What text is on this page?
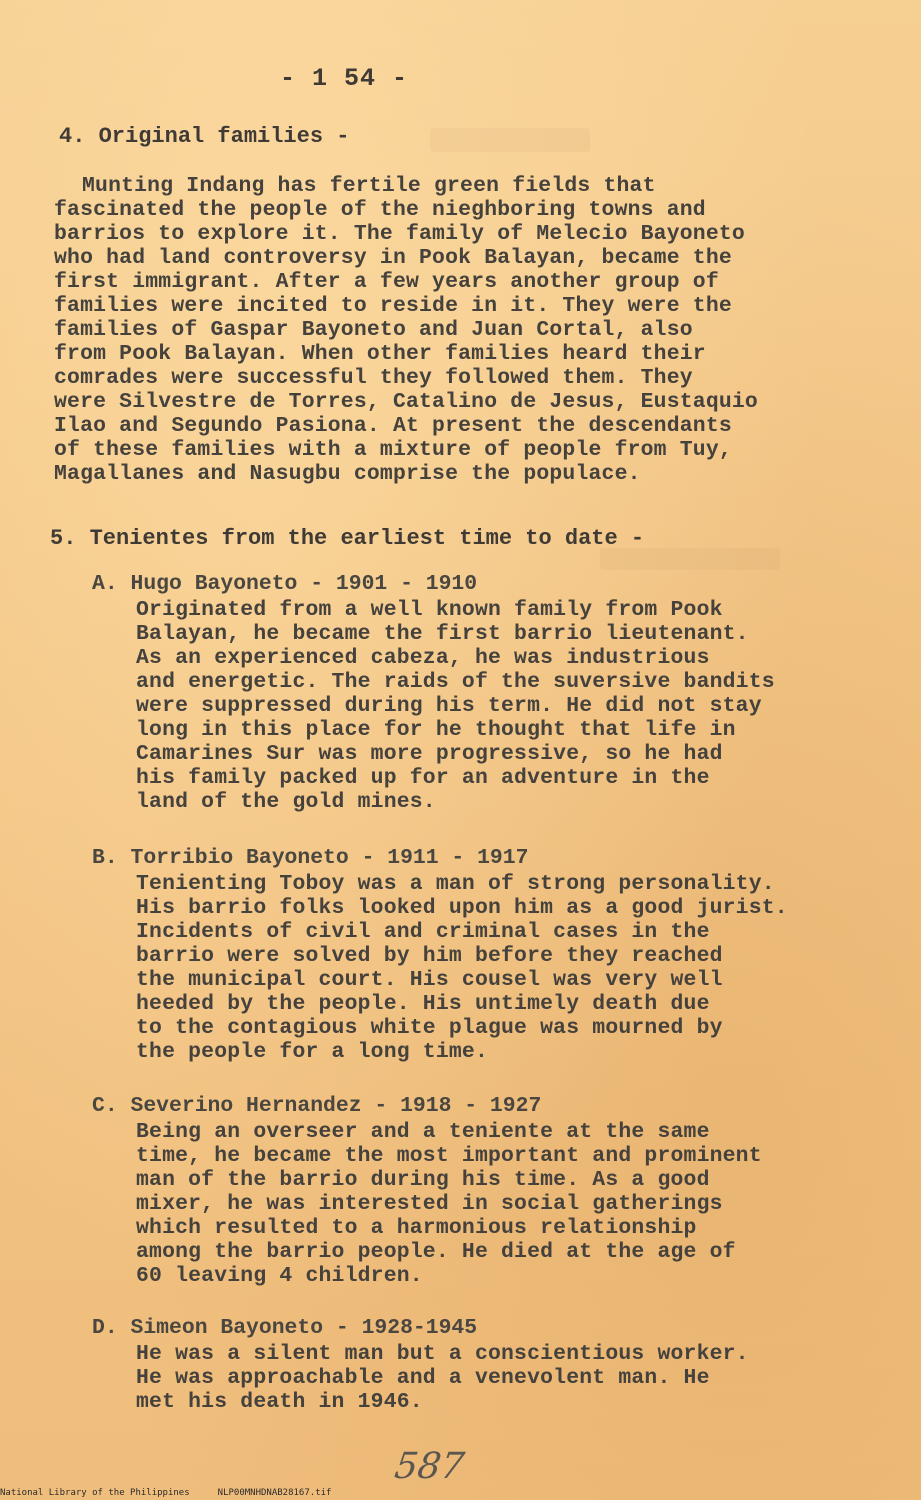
- 1 54 -
4. Original families -
Munting Indang has fertile green fields that
fascinated the people of the nieghboring towns and
barrios to explore it. The family of Melecio Bayoneto
who had land controversy in Pook Balayan, became the
first immigrant. After a few years another group of
families were incited to reside in it. They were the
families of Gaspar Bayoneto and Juan Cortal, also
from Pook Balayan. When other families heard their
comrades were successful they followed them. They
were Silvestre de Torres, Catalino de Jesus, Eustaquio
Ilao and Segundo Pasiona. At present the descendants
of these families with a mixture of people from Tuy,
Magallanes and Nasugbu comprise the populace.
5. Tenientes from the earliest time to date -
A. Hugo Bayoneto - 1901 - 1910
Originated from a well known family from Pook
Balayan, he became the first barrio lieutenant.
As an experienced cabeza, he was industrious
and energetic. The raids of the suversive bandits
were suppressed during his term. He did not stay
long in this place for he thought that life in
Camarines Sur was more progressive, so he had
his family packed up for an adventure in the
land of the gold mines.
B. Torribio Bayoneto - 1911 - 1917
Tenienting Toboy was a man of strong personality.
His barrio folks looked upon him as a good jurist.
Incidents of civil and criminal cases in the
barrio were solved by him before they reached
the municipal court. His cousel was very well
heeded by the people. His untimely death due
to the contagious white plague was mourned by
the people for a long time.
C. Severino Hernandez - 1918 - 1927
Being an overseer and a teniente at the same
time, he became the most important and prominent
man of the barrio during his time. As a good
mixer, he was interested in social gatherings
which resulted to a harmonious relationship
among the barrio people. He died at the age of
60 leaving 4 children.
D. Simeon Bayoneto - 1928-1945
He was a silent man but a conscientious worker.
He was approachable and a venevolent man. He
met his death in 1946.
587
National Library of the Philippines	NLP00MNHDNAB28167.tif
